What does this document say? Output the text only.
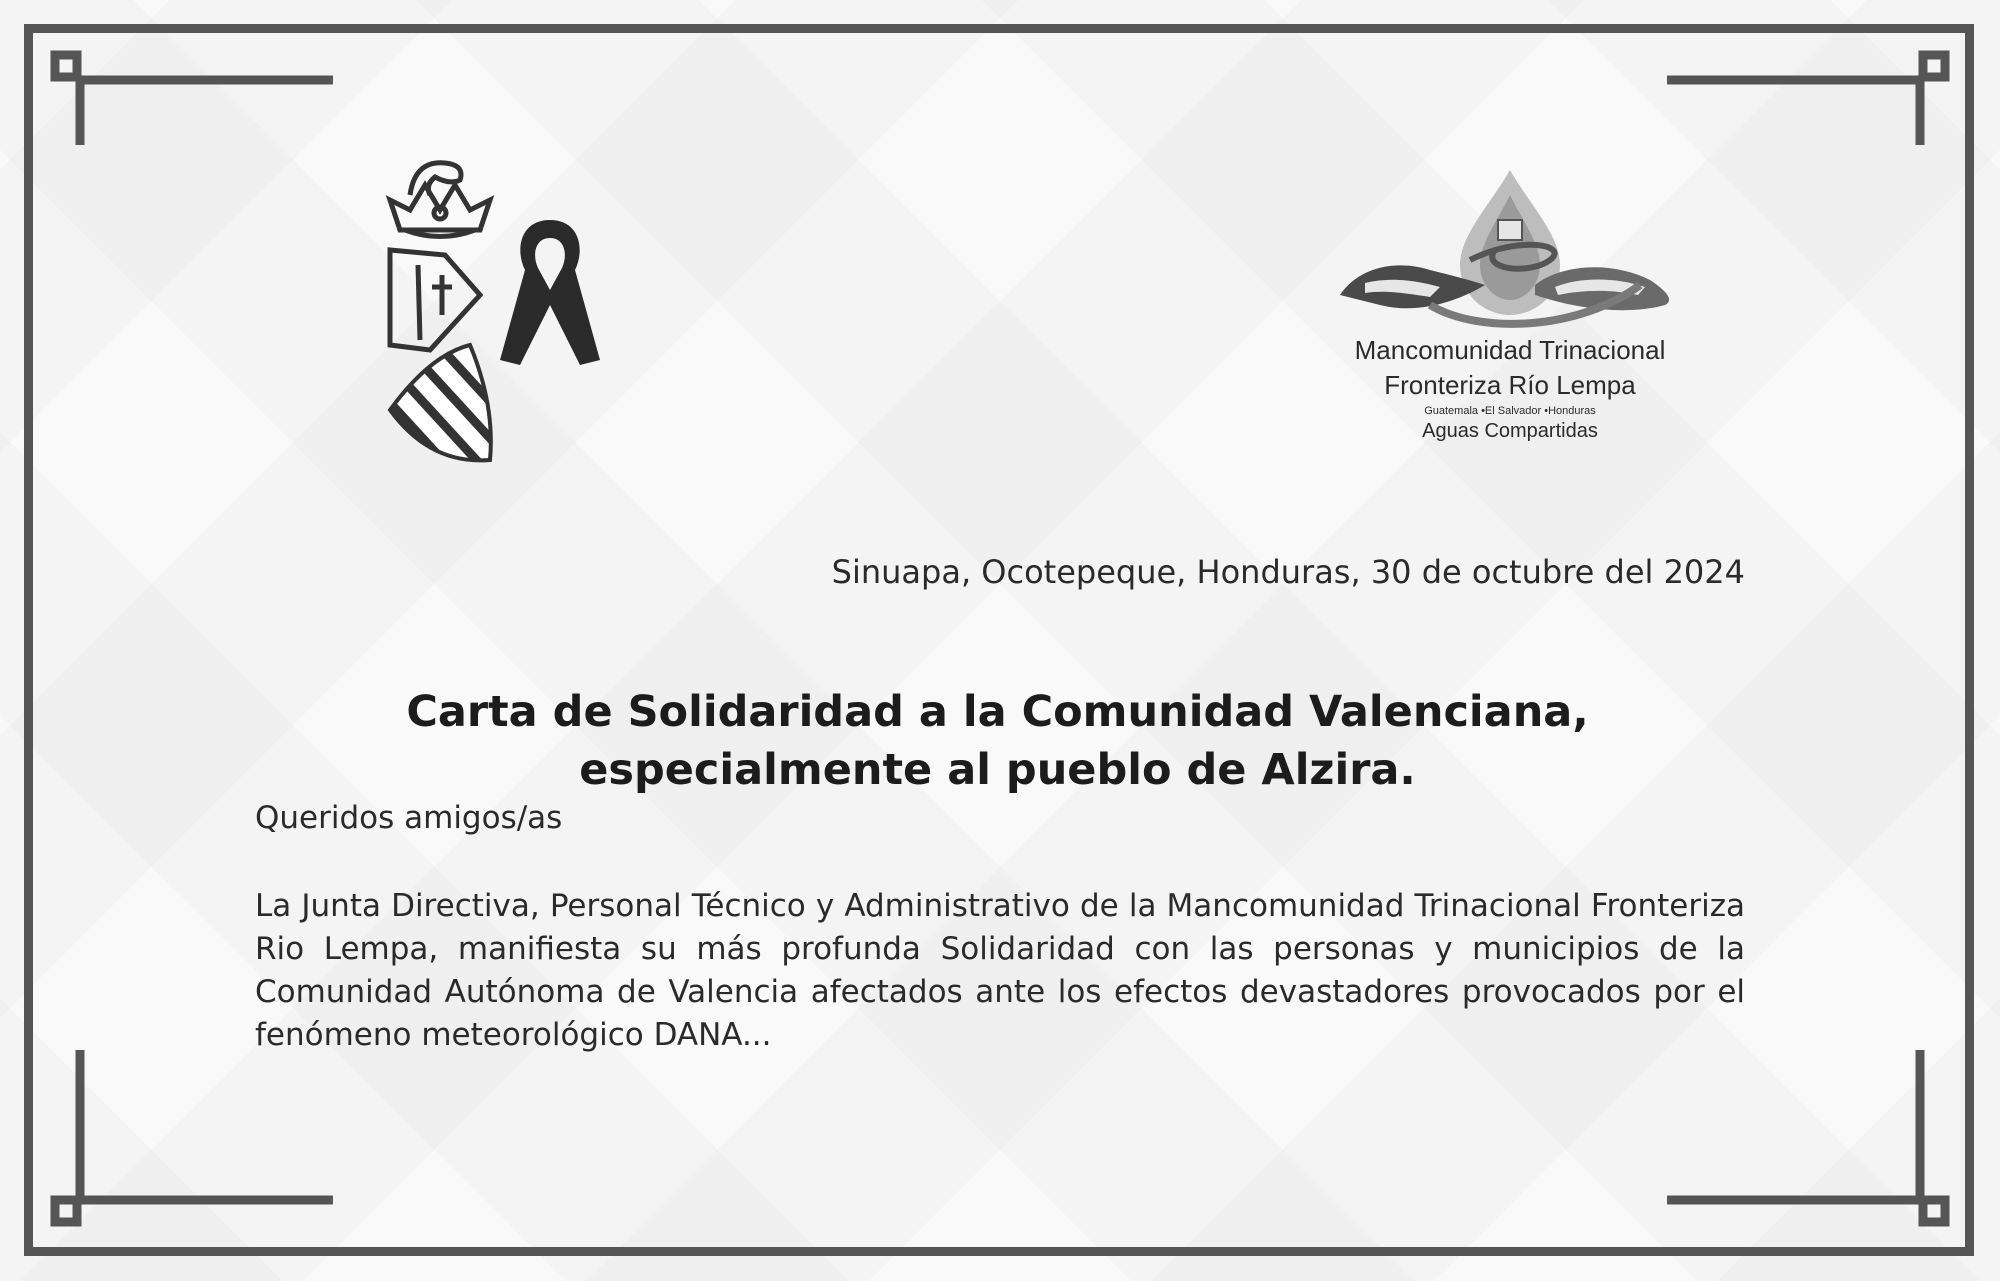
Mancomunidad Trinacional
Fronteriza Río Lempa
Guatemala •El Salvador •Honduras
Aguas Compartidas
Sinuapa, Ocotepeque, Honduras, 30 de octubre del 2024
Carta de Solidaridad a la Comunidad Valenciana, especialmente al pueblo de Alzira.
Queridos amigos/as
La Junta Directiva, Personal Técnico y Administrativo de la Mancomunidad Trinacional Fronteriza Rio Lempa, manifiesta su más profunda Solidaridad con las personas y municipios de la Comunidad Autónoma de Valencia afectados ante los efectos devastadores provocados por el fenómeno meteorológico DANA...
